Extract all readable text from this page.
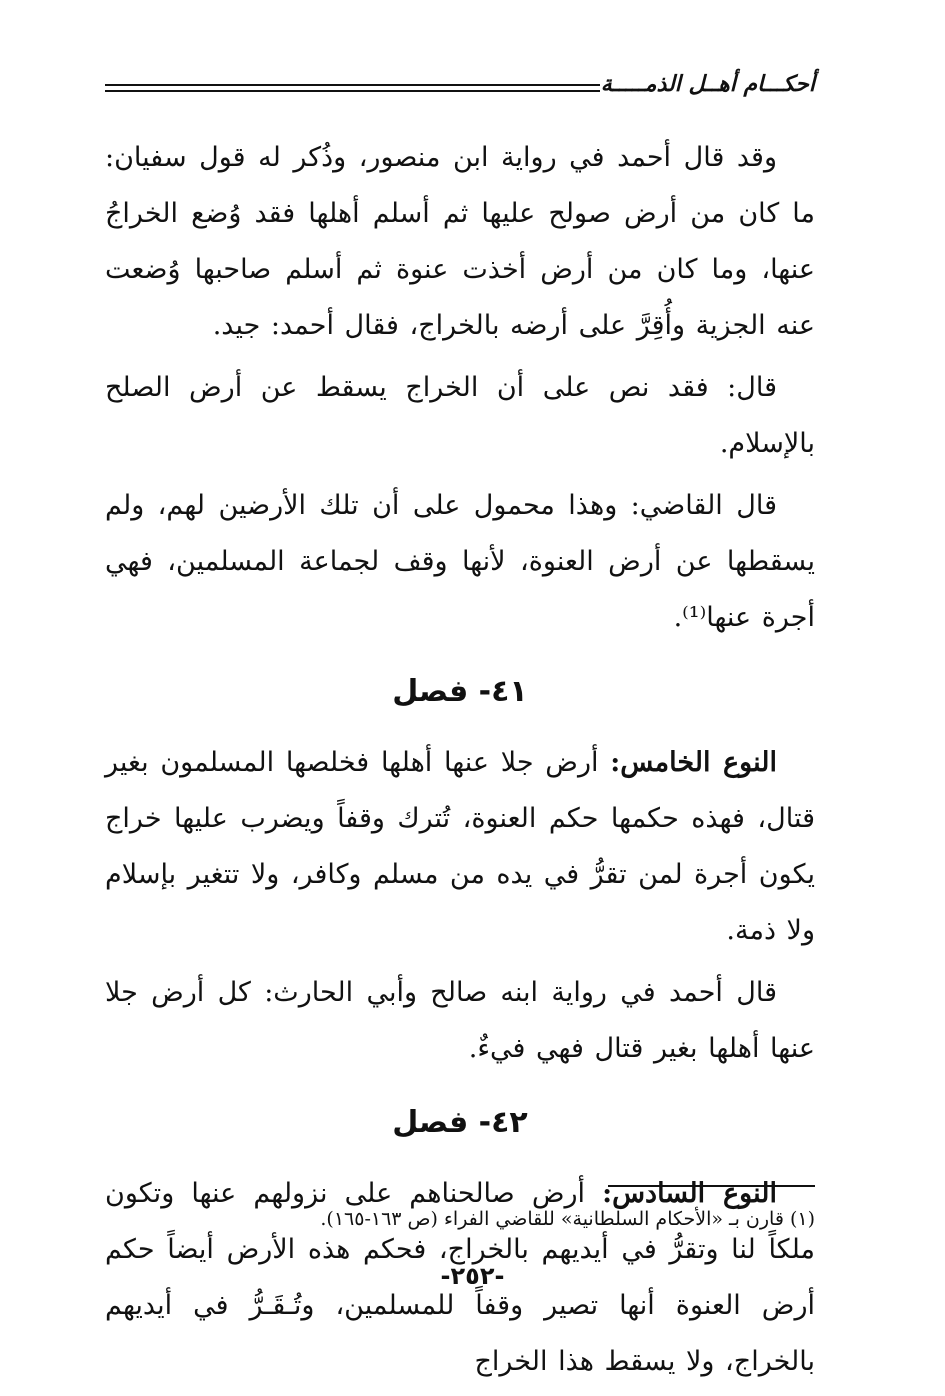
أحكـــام أهــل الذمـــــة

وقد قال أحمد في رواية ابن منصور، وذُكر له قول سفيان: ما كان من أرض صولح عليها ثم أسلم أهلها فقد وُضع الخراجُ عنها، وما كان من أرض أخذت عنوة ثم أسلم صاحبها وُضعت عنه الجزية وأُقِرَّ على أرضه بالخراج، فقال أحمد: جيد.

قال: فقد نص على أن الخراج يسقط عن أرض الصلح بالإسلام.

قال القاضي: وهذا محمول على أن تلك الأرضين لهم، ولم يسقطها عن أرض العنوة، لأنها وقف لجماعة المسلمين، فهي أجرة عنها⁽¹⁾.

٤١- فصل

النوع الخامس: أرض جلا عنها أهلها فخلصها المسلمون بغير قتال، فهذه حكمها حكم العنوة، تُترك وقفاً ويضرب عليها خراج يكون أجرة لمن تقرُّ في يده من مسلم وكافر، ولا تتغير بإسلام ولا ذمة.

قال أحمد في رواية ابنه صالح وأبي الحارث: كل أرض جلا عنها أهلها بغير قتال فهي فيءٌ.

٤٢- فصل

النوع السادس: أرض صالحناهم على نزولهم عنها وتكون ملكاً لنا وتقرُّ في أيديهم بالخراج، فحكم هذه الأرض أيضاً حكم أرض العنوة أنها تصير وقفاً للمسلمين، وتُـقَـرُّ في أيديهم بالخراج، ولا يسقط هذا الخراج

(١) قارن بـ «الأحكام السلطانية» للقاضي الفراء (ص ١٦٣-١٦٥).
-٢٥٢-
